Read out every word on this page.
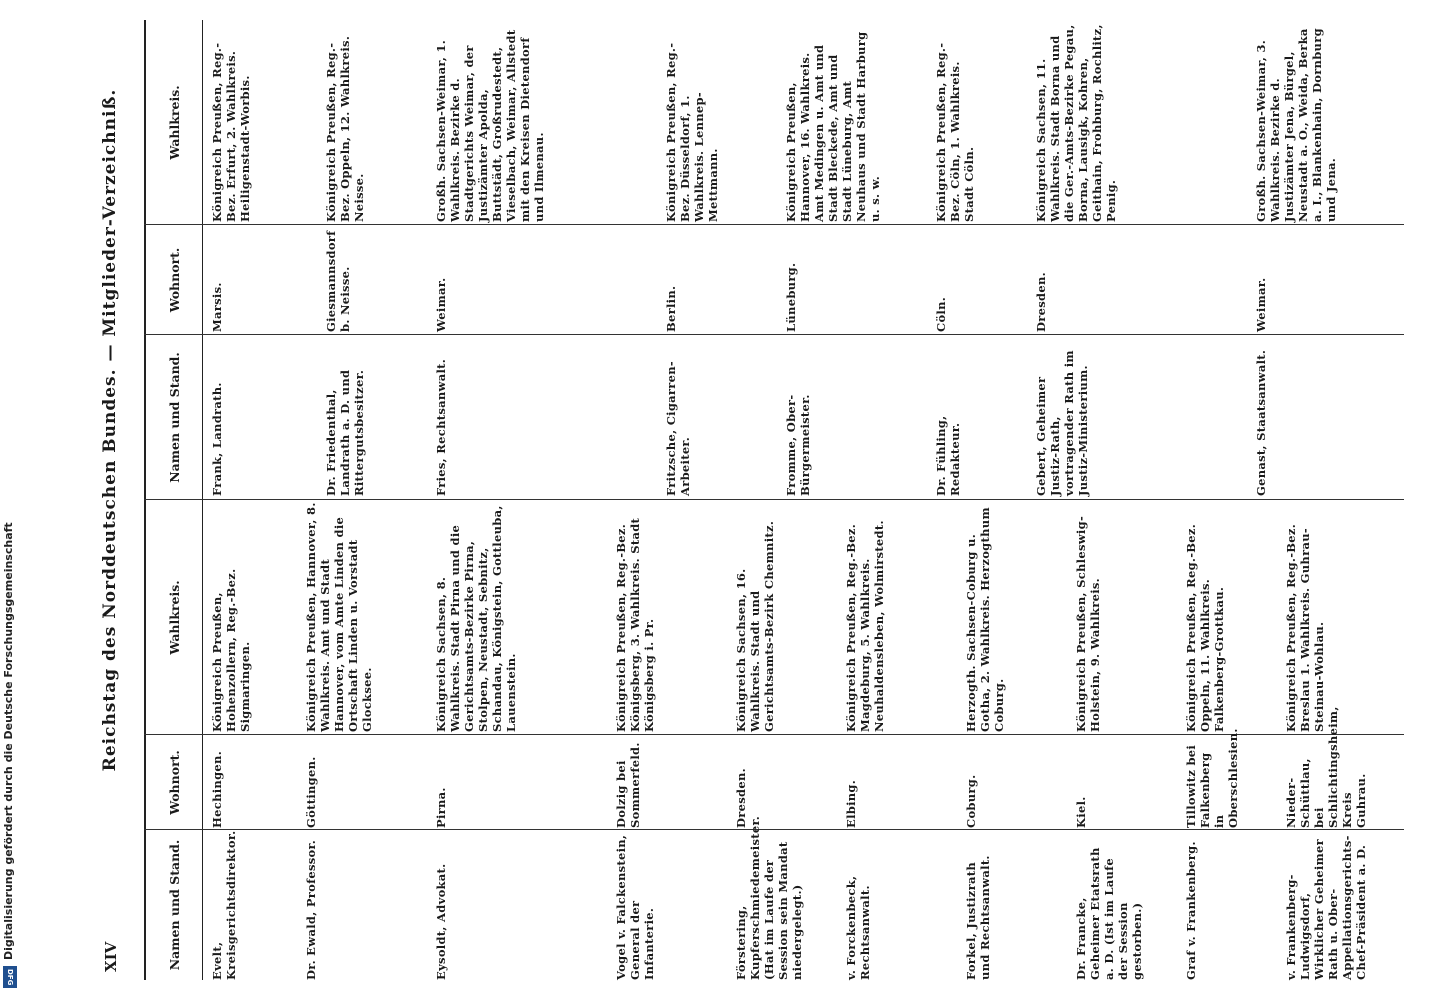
Digitalisierung gefördert durch die Deutsche Forschungsgemeinschaft
DFG
XIV
Reichstag des Norddeutschen Bundes. — Mitglieder-Verzeichniß.
Namen und Stand.
Wohnort.
Wahlkreis.
Namen und Stand.
Wohnort.
Wahlkreis.
Evelt, Kreisgerichtsdirektor.
Hechingen.
Königreich Preußen, Hohenzollern, Reg.-Bez. Sigmaringen.
Dr. Ewald, Professor.
Göttingen.
Königreich Preußen, Hannover, 8. Wahlkreis. Amt und Stadt Hannover, vom Amte Linden die Ortschaft Linden u. Vorstadt Glocksee.
Eysoldt, Advokat.
Pirna.
Königreich Sachsen, 8. Wahlkreis. Stadt Pirna und die Gerichtsamts-Bezirke Pirna, Stolpen, Neustadt, Sebnitz, Schandau, Königstein, Gottleuba, Lauenstein.
Vogel v. Falckenstein, General der Infanterie.
Dolzig bei Sommerfeld.
Königreich Preußen, Reg.-Bez. Königsberg, 3. Wahlkreis. Stadt Königsberg i. Pr.
Förstering, Kupferschmiedemeister. (Hat im Laufe der Session sein Mandat niedergelegt.)
Dresden.
Königreich Sachsen, 16. Wahlkreis. Stadt und Gerichtsamts-Bezirk Chemnitz.
v. Forckenbeck, Rechtsanwalt.
Elbing.
Königreich Preußen, Reg.-Bez. Magdeburg, 5. Wahlkreis. Neuhaldensleben, Wolmirstedt.
Forkel, Justizrath und Rechtsanwalt.
Coburg.
Herzogth. Sachsen-Coburg u. Gotha, 2. Wahlkreis. Herzogthum Coburg.
Dr. Francke, Geheimer Etatsrath a. D. (Ist im Laufe der Session gestorben.)
Kiel.
Königreich Preußen, Schleswig-Holstein, 9. Wahlkreis.
Graf v. Frankenberg.
Tillowitz bei Falkenberg in Oberschlesien.
Königreich Preußen, Reg.-Bez. Oppeln, 11. Wahlkreis. Falkenberg-Grottkau.
v. Frankenberg-Ludwigsdorf, Wirklicher Geheimer Rath u. Ober-Appellationsgerichts-Chef-Präsident a. D.
Nieder-Schüttlau, bei Schlichtingsheim, Kreis Guhrau.
Königreich Preußen, Reg.-Bez. Breslau 1. Wahlkreis. Guhrau-Steinau-Wohlau.
Frank, Landrath.
Marsis.
Königreich Preußen, Reg.-Bez. Erfurt, 2. Wahlkreis. Heiligenstadt-Worbis.
Dr. Friedenthal, Landrath a. D. und Rittergutsbesitzer.
Giesmannsdorf b. Neisse.
Königreich Preußen, Reg.-Bez. Oppeln, 12. Wahlkreis. Neisse.
Fries, Rechtsanwalt.
Weimar.
Großh. Sachsen-Weimar, 1. Wahlkreis. Bezirke d. Stadtgerichts Weimar, der Justizämter Apolda, Buttstädt, Großrudestedt, Vieselbach, Weimar, Allstedt mit den Kreisen Dietendorf und Ilmenau.
Fritzsche, Cigarren-Arbeiter.
Berlin.
Königreich Preußen, Reg.-Bez. Düsseldorf, 1. Wahlkreis. Lennep-Mettmann.
Fromme, Ober-Bürgermeister.
Lüneburg.
Königreich Preußen, Hannover, 16. Wahlkreis. Amt Medingen u. Amt und Stadt Bleckede, Amt und Stadt Lüneburg, Amt Neuhaus und Stadt Harburg u. s. w.
Dr. Fühling, Redakteur.
Cöln.
Königreich Preußen, Reg.-Bez. Cöln, 1. Wahlkreis. Stadt Cöln.
Gebert, Geheimer Justiz-Rath, vortragender Rath im Justiz-Ministerium.
Dresden.
Königreich Sachsen, 11. Wahlkreis. Stadt Borna und die Ger.-Amts-Bezirke Pegau, Borna, Lausigk, Kohren, Geithain, Frohburg, Rochlitz, Penig.
Genast, Staatsanwalt.
Weimar.
Großh. Sachsen-Weimar, 3. Wahlkreis. Bezirke d. Justizämter Jena, Bürgel, Neustadt a. O., Weida, Berka a. I., Blankenhain, Dornburg und Jena.
